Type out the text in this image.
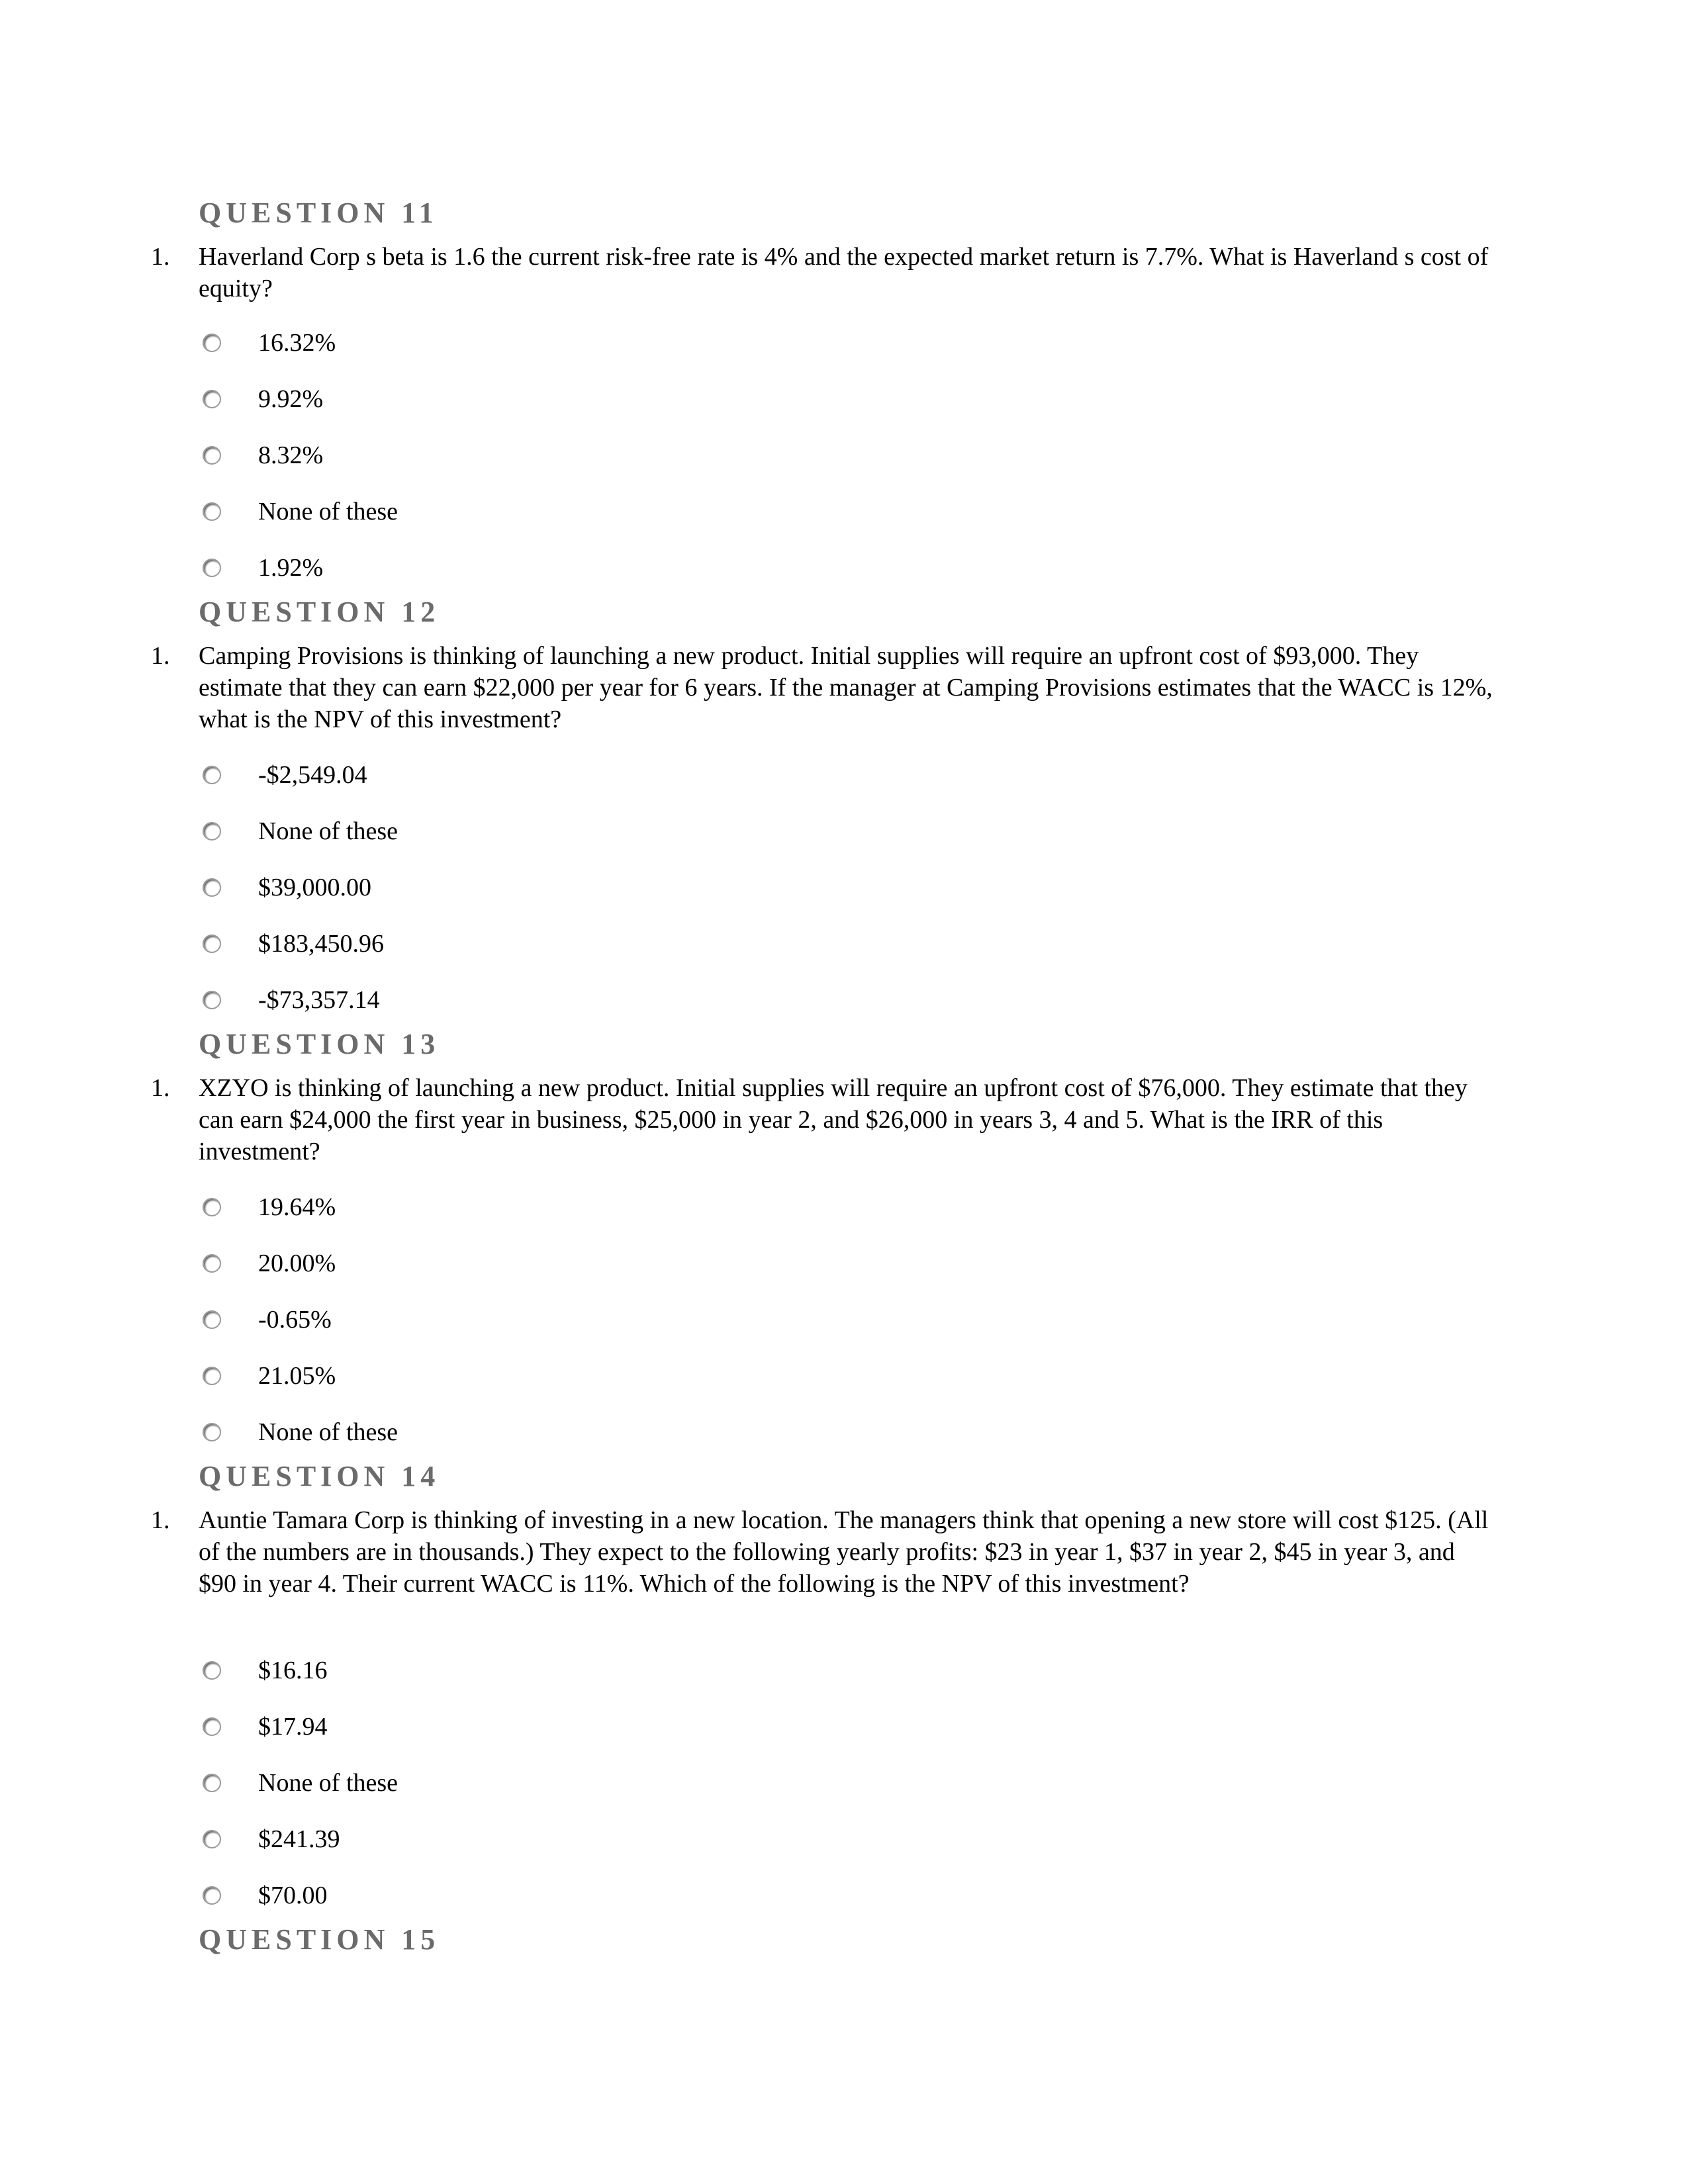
QUESTION 11
1. Haverland Corp s beta is 1.6 the current risk-free rate is 4% and the expected market return is 7.7%. What is Haverland s cost of equity?
16.32%
9.92%
8.32%
None of these
1.92%
QUESTION 12
1. Camping Provisions is thinking of launching a new product. Initial supplies will require an upfront cost of $93,000. They estimate that they can earn $22,000 per year for 6 years. If the manager at Camping Provisions estimates that the WACC is 12%, what is the NPV of this investment?
-$2,549.04
None of these
$39,000.00
$183,450.96
-$73,357.14
QUESTION 13
1. XZYO is thinking of launching a new product. Initial supplies will require an upfront cost of $76,000. They estimate that they can earn $24,000 the first year in business, $25,000 in year 2, and $26,000 in years 3, 4 and 5. What is the IRR of this investment?
19.64%
20.00%
-0.65%
21.05%
None of these
QUESTION 14
1. Auntie Tamara Corp is thinking of investing in a new location. The managers think that opening a new store will cost $125. (All of the numbers are in thousands.) They expect to the following yearly profits: $23 in year 1, $37 in year 2, $45 in year 3, and $90 in year 4. Their current WACC is 11%. Which of the following is the NPV of this investment?
$16.16
$17.94
None of these
$241.39
$70.00
QUESTION 15
